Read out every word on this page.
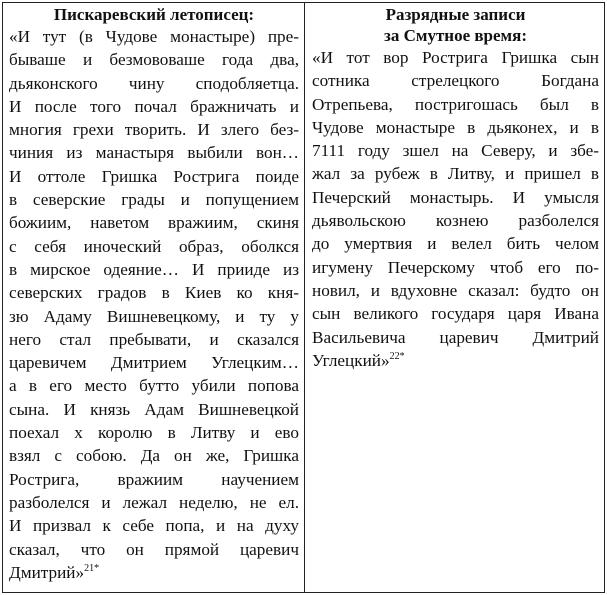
Пискаревский летописец:

«И тут (в Чудове монастыре) пре-
бываше и безмововаше года два,
дьяконского чину сподобляетца.
И после того почал бражничать и
многия грехи творить. И злего без-
чиния из манастыря выбили вон…
И оттоле Гришка Рострига поиде
в северские грады и попущением
божиим, наветом вражиим, скиня
с себя иноческий образ, оболкся
в мирское одеяние… И прииде из
северских градов в Киев ко кня-
зю Адаму Вишневецкому, и ту у
него стал пребывати, и сказался
царевичем Дмитрием Углецким…
а в его место бутто убили попова
сына. И князь Адам Вишневецкой
поехал х королю в Литву и ево
взял с собою. Да он же, Гришка
Рострига, вражиим научением
разболелся и лежал неделю, не ел.
И призвал к себе попа, и на духу
сказал, что он прямой царевич
Дмитрий»$^{21*}$

Разрядные записи
за Смутное время:

«И тот вор Рострига Гришка сын
сотника стрелецкого Богдана
Отрепьева, постригошась был в
Чудове монастыре в дьяконех, и в
7111 году зшел на Северу, и збе-
жал за рубеж в Литву, и пришел в
Печерский монастырь. И умысля
дьявольскою кознею разболелся
до умертвия и велел бить челом
игумену Печерскому чтоб его по-
новил, и вдуховне сказал: будто он
сын великого государя царя Ивана
Васильевича царевич Дмитрий
Углецкий»$^{22*}$
